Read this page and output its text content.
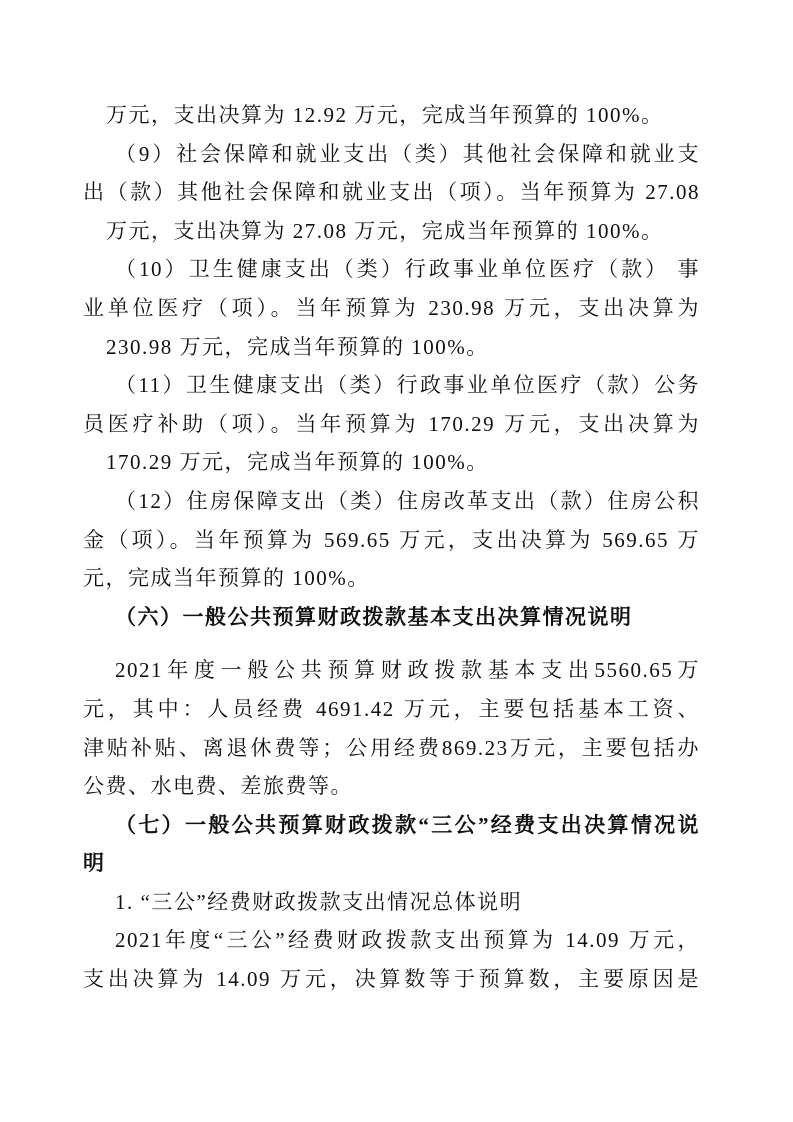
万元，支出决算为 12.92 万元，完成当年预算的 100%。
（9）社会保障和就业支出（类）其他社会保障和就业支
出（款）其他社会保障和就业支出（项）。当年预算为 27.08
万元，支出决算为 27.08 万元，完成当年预算的 100%。
（10）卫生健康支出（类）行政事业单位医疗（款） 事
业单位医疗（项）。当年预算为 230.98 万元，支出决算为
230.98 万元，完成当年预算的 100%。
（11）卫生健康支出（类）行政事业单位医疗（款）公务
员医疗补助（项）。当年预算为 170.29 万元，支出决算为
170.29 万元，完成当年预算的 100%。
（12）住房保障支出（类）住房改革支出（款）住房公积
金（项）。当年预算为 569.65 万元，支出决算为 569.65 万
元，完成当年预算的 100%。
（六）一般公共预算财政拨款基本支出决算情况说明
2021年度一般公共预算财政拨款基本支出5560.65万
元，其中：人员经费 4691.42 万元，主要包括基本工资、
津贴补贴、离退休费等；公用经费869.23万元，主要包括办
公费、水电费、差旅费等。
（七）一般公共预算财政拨款“三公”经费支出决算情况说
明
1. “三公”经费财政拨款支出情况总体说明
2021年度“三公”经费财政拨款支出预算为 14.09 万元，
支出决算为 14.09 万元，决算数等于预算数，主要原因是
